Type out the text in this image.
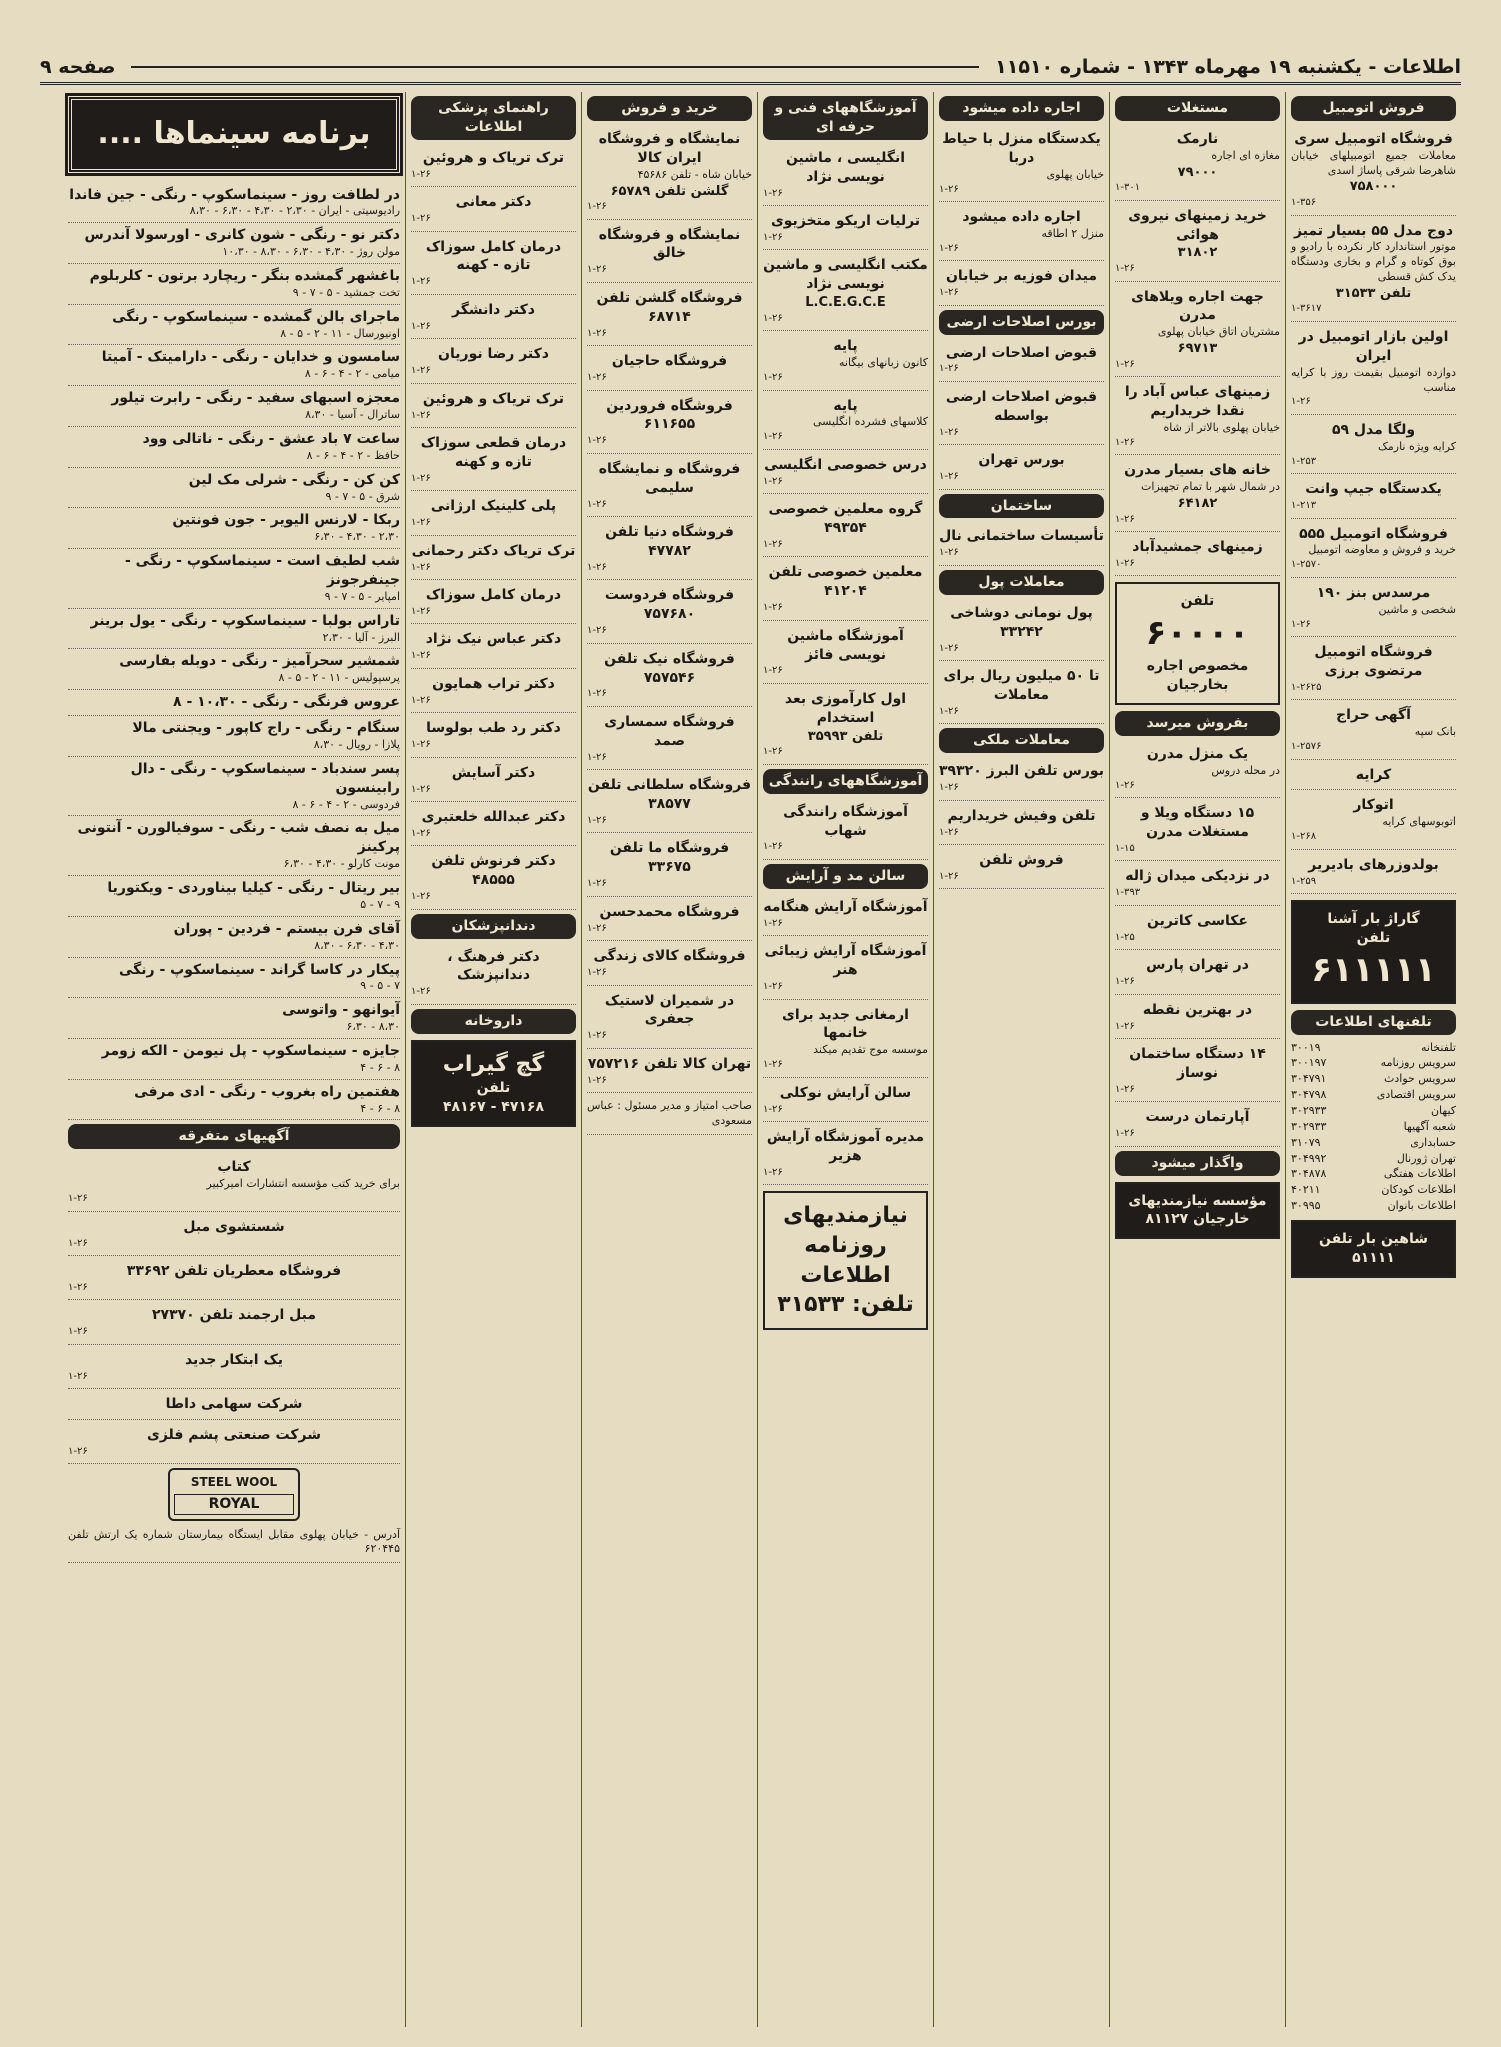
اطلاعات - یکشنبه ۱۹ مهرماه ۱۳۴۳ - شماره ۱۱۵۱۰
صفحه ۹
فروش اتومبیل
فروشگاه اتومبیل سری
معاملات جمیع اتومبیلهای خیابان شاهرضا شرقی پاساژ اسدی
۷۵۸۰۰۰
۱-۳۵۶
دوج مدل ۵۵ بسیار تمیز
موتور استاندارد کار نکرده با رادیو و بوق کوتاه و گرام و بخاری ودستگاه یدک کش قسطی
تلفن ۳۱۵۳۳
۱-۳۶۱۷
اولین بازار اتومبیل در ایران
دوازده اتومبیل بقیمت روز با کرایه مناسب
۱-۲۶
ولگا مدل ۵۹
کرایه ویژه نارمک
۱-۲۵۳
یکدستگاه جیپ وانت
۱-۲۱۳
فروشگاه اتومبیل ۵۵۵
خرید و فروش و معاوضه اتومبیل
۱-۲۵۷۰
مرسدس بنز ۱۹۰
شخصی و ماشین
۱-۲۶
فروشگاه اتومبیل مرتضوی برزی
۱-۲۶۲۵
آگهی حراج
بانک سپه
۱-۲۵۷۶
کرایه
اتوکار
اتوبوسهای کرایه
۱-۲۶۸
بولدوزرهای بادیریر
۱-۲۵۹
گاراژ بار آشنا
تلفن
۶۱۱۱۱۱
تلفنهای اطلاعات
تلفنخانه
۳۰۰۱۹
سرویس روزنامه
۳۰۰۱۹۷
سرویس حوادث
۳۰۴۷۹۱
سرویس اقتصادی
۳۰۴۷۹۸
کیهان
۳۰۲۹۳۳
شعبه آگهیها
۳۰۲۹۳۳
حسابداری
۳۱۰۷۹
تهران ژورنال
۳۰۴۹۹۲
اطلاعات هفتگی
۳۰۴۸۷۸
اطلاعات کودکان
۴۰۲۱۱
اطلاعات بانوان
۳۰۹۹۵
شاهین بار تلفن ۵۱۱۱۱
مستغلات
نارمک
مغازه ای اجاره
۷۹۰۰۰
۱-۳۰۱
خرید زمینهای نیروی هوائی
۳۱۸۰۲
۱-۲۶
جهت اجاره ویلاهای مدرن
مشتریان اتاق خیابان پهلوی
۶۹۷۱۳
۱-۲۶
زمینهای عباس آباد را نقدا خریداریم
خیابان پهلوی بالاتر از شاه
۱-۲۶
خانه های بسیار مدرن
در شمال شهر با تمام تجهیزات
۶۴۱۸۲
۱-۲۶
زمینهای جمشیدآباد
۱-۲۶
تلفن
۶۰۰۰۰
مخصوص اجاره بخارجیان
بفروش میرسد
یک منزل مدرن
در محله دروس
۱-۲۶
۱۵ دستگاه ویلا و مستغلات مدرن
۱-۱۵
در نزدیکی میدان ژاله
۱-۳۹۳
عکاسی کاترین
۱-۲۵
در تهران پارس
۱-۲۶
در بهترین نقطه
۱-۲۶
۱۴ دستگاه ساختمان نوساز
۱-۲۶
آپارتمان درست
۱-۲۶
واگذار میشود
مؤسسه نیازمندیهای خارجیان ۸۱۱۲۷
اجاره داده میشود
یکدستگاه منزل با حیاط دربا
خیابان پهلوی
۱-۲۶
اجاره داده میشود
منزل ۲ اطاقه
۱-۲۶
میدان فوزیه بر خیابان
۱-۲۶
بورس اصلاحات ارضی
قبوض اصلاحات ارضی
۱-۲۶
قبوض اصلاحات ارضی بواسطه
۱-۲۶
بورس تهران
۱-۲۶
ساختمان
تأسیسات ساختمانی نال
۱-۲۶
معاملات پول
پول نومانی دوشاخی ۳۳۲۴۲
۱-۲۶
تا ۵۰ میلیون ریال برای معاملات
۱-۲۶
معاملات ملکی
بورس تلفن البرز ۳۹۳۲۰
۱-۲۶
تلفن وفیش خریداریم
۱-۲۶
فروش تلفن
۱-۲۶
آموزشگاههای فنی و حرفه ای
انگلیسی ، ماشین نویسی نژاد
۱-۲۶
ترلیات اریکو متخزیوی
۱-۲۶
مکتب انگلیسی و ماشین نویسی نژاد
L.C.E.G.C.E
۱-۲۶
پایه
کانون زبانهای بیگانه
۱-۲۶
پایه
کلاسهای فشرده انگلیسی
۱-۲۶
درس خصوصی انگلیسی
۱-۲۶
گروه معلمین خصوصی ۴۹۳۵۴
۱-۲۶
معلمین خصوصی تلفن ۴۱۲۰۴
۱-۲۶
آموزشگاه ماشین نویسی فائز
۱-۲۶
اول کارآموزی بعد استخدام
تلفن ۳۵۹۹۳
۱-۲۶
آموزشگاههای رانندگی
آموزشگاه رانندگی شهاب
۱-۲۶
سالن مد و آرایش
آموزشگاه آرایش هنگامه
۱-۲۶
آموزشگاه آرایش زیبائی هنر
۱-۲۶
ارمغانی جدید برای خانمها
موسسه موج تقدیم میکند
۱-۲۶
سالن آرایش نوکلی
۱-۲۶
مدیره آموزشگاه آرایش هزیر
۱-۲۶
نیازمندیهای
روزنامه اطلاعات
تلفن: ۳۱۵۳۳
خرید و فروش
نمایشگاه و فروشگاه ایران کالا
خیابان شاه - تلفن ۴۵۶۸۶
گلشن تلفن ۶۵۷۸۹
۱-۲۶
نمایشگاه و فروشگاه خالق
۱-۲۶
فروشگاه گلشن تلفن ۶۸۷۱۴
۱-۲۶
فروشگاه حاجیان
۱-۲۶
فروشگاه فروردین ۶۱۱۶۵۵
۱-۲۶
فروشگاه و نمایشگاه سلیمی
۱-۲۶
فروشگاه دنیا تلفن ۴۷۷۸۲
۱-۲۶
فروشگاه فردوست ۷۵۷۶۸۰
۱-۲۶
فروشگاه نیک تلفن ۷۵۷۵۴۶
۱-۲۶
فروشگاه سمساری صمد
۱-۲۶
فروشگاه سلطانی تلفن ۳۸۵۷۷
۱-۲۶
فروشگاه ما تلفن ۳۳۶۷۵
۱-۲۶
فروشگاه محمدحسن
۱-۲۶
فروشگاه کالای زندگی
۱-۲۶
در شمیران لاستیک جعفری
۱-۲۶
تهران کالا تلفن ۷۵۷۲۱۶
۱-۲۶
صاحب امتیاز و مدیر مسئول : عباس مسعودی
راهنمای پزشکی اطلاعات
ترک تریاک و هروئین
۱-۲۶
دکتر معانی
۱-۲۶
درمان کامل سوزاک تازه - کهنه
۱-۲۶
دکتر دانشگر
۱-۲۶
دکتر رضا نوریان
۱-۲۶
ترک تریاک و هروئین
۱-۲۶
درمان قطعی سوزاک تازه و کهنه
۱-۲۶
پلی کلینیک ارژانی
۱-۲۶
ترک تریاک دکتر رحمانی
۱-۲۶
درمان کامل سوزاک
۱-۲۶
دکتر عباس نیک نژاد
۱-۲۶
دکتر تراب همایون
۱-۲۶
دکتر رد طب بولوسا
۱-۲۶
دکتر آسایش
۱-۲۶
دکتر عبدالله خلعتبری
۱-۲۶
دکتر فرنوش تلفن ۴۸۵۵۵
۱-۲۶
دندانپزشکان
دکتر فرهنگ ، دندانپزشک
۱-۲۶
داروخانه
گچ گیراب
تلفن
۴۷۱۶۸ - ۴۸۱۶۷
برنامه سینماها ....
در لطافت روز - سینماسکوپ - رنگی - جین فاندا
رادیوسیتی - ایران - ۲،۳۰ - ۴،۳۰ - ۶،۳۰ - ۸،۳۰
دکتر نو - رنگی - شون کانری - اورسولا آندرس
مولن روژ - ۴،۳۰ - ۶،۳۰ - ۸،۳۰ - ۱۰،۳۰
باغشهر گمشده بنگر - ریچارد برتون - کلربلوم
تخت جمشید - ۵ - ۷ - ۹
ماجرای بالن گمشده - سینماسکوپ - رنگی
اونیورسال - ۱۱ - ۲ - ۵ - ۸
سامسون و خدایان - رنگی - دارامیتک - آمیتا
میامی - ۲ - ۴ - ۶ - ۸
معجزه اسبهای سفید - رنگی - رابرت تیلور
ساترال - آسیا - ۸،۳۰
ساعت ۷ باد عشق - رنگی - ناتالی وود
حافظ - ۲ - ۴ - ۶ - ۸
کن کن - رنگی - شرلی مک لین
شرق - ۵ - ۷ - ۹
ربکا - لارنس الیویر - جون فونتین
۲،۳۰ - ۴،۳۰ - ۶،۳۰
شب لطیف است - سینماسکوپ - رنگی - جینفرجونز
امپایر - ۵ - ۷ - ۹
تاراس بولبا - سینماسکوپ - رنگی - یول برینر
البرز - آلیا - ۲،۳۰
شمشیر سحرآمیز - رنگی - دوبله بفارسی
پرسپولیس - ۱۱ - ۲ - ۵ - ۸
عروس فرنگی - رنگی - ۱۰،۳۰ - ۸
سنگام - رنگی - راج کاپور - ویجنتی مالا
پلازا - رویال - ۸،۳۰
پسر سندباد - سینماسکوپ - رنگی - دال رابینسون
فردوسی - ۲ - ۴ - ۶ - ۸
میل به نصف شب - رنگی - سوفیالورن - آنتونی پرکینز
مونت کارلو - ۴،۳۰ - ۶،۳۰
بیر ریتال - رنگی - کیلیا بیناوردی - ویکتوریا
۹ - ۷ - ۵
آقای فرن بیستم - فردین - پوران
۴،۳۰ - ۶،۳۰ - ۸،۳۰
پیکار در کاسا گراند - سینماسکوپ - رنگی
۷ - ۵ - ۹
آیوانهو - واتوسی
۸،۳۰ - ۶،۳۰
جایزه - سینماسکوپ - پل نیومن - الکه زومر
۸ - ۶ - ۴
هفتمین راه بغروب - رنگی - ادی مرفی
۸ - ۶ - ۴
آگهیهای متفرقه
کتاب
برای خرید کتب مؤسسه انتشارات امیرکبیر
۱-۲۶
شستشوی مبل
۱-۲۶
فروشگاه معطریان تلفن ۳۳۶۹۲
۱-۲۶
مبل ارجمند تلفن ۲۷۳۷۰
۱-۲۶
یک ابتکار جدید
۱-۲۶
شرکت سهامی داطا
شرکت صنعتی پشم فلزی
۱-۲۶
STEEL WOOL
ROYAL
آدرس - خیابان پهلوی مقابل ایستگاه بیمارستان شماره یک ارتش تلفن ۶۲۰۴۴۵
